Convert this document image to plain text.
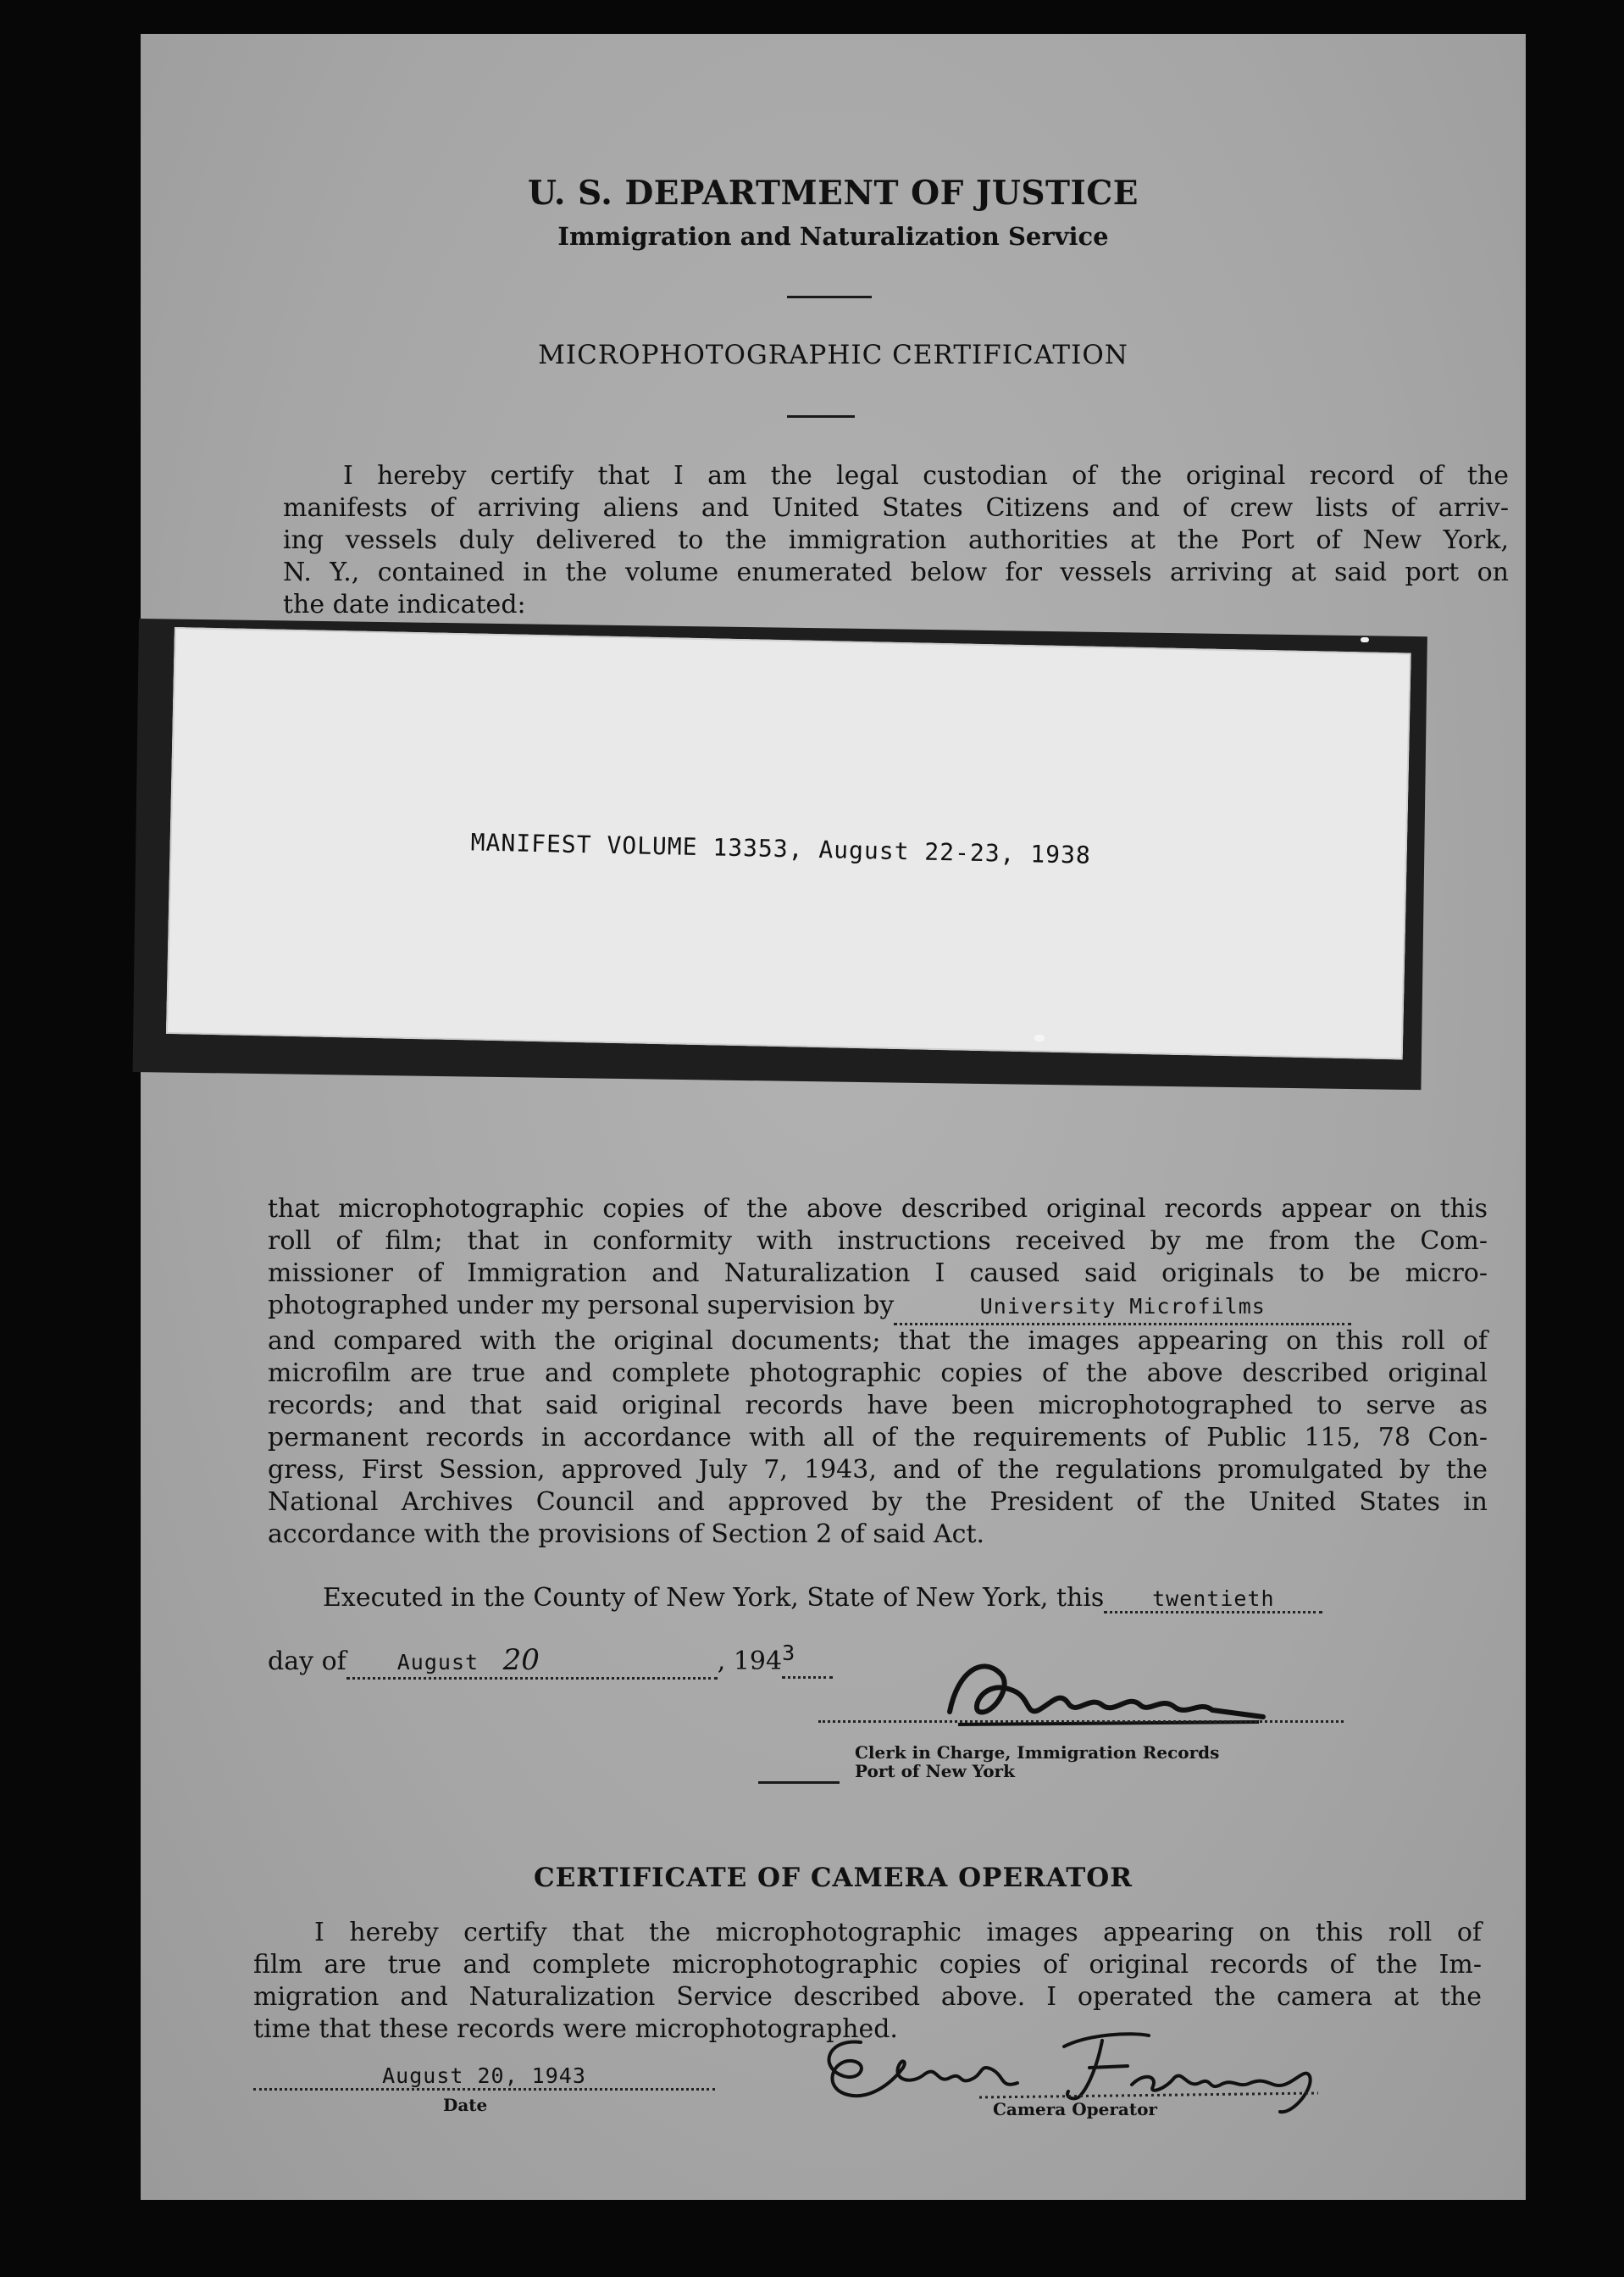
U. S. DEPARTMENT OF JUSTICE
Immigration and Naturalization Service
MICROPHOTOGRAPHIC CERTIFICATION
I hereby certify that I am the legal custodian of the original record of the
manifests of arriving aliens and United States Citizens and of crew lists of arriv-
ing vessels duly delivered to the immigration authorities at the Port of New York,
N. Y., contained in the volume enumerated below for vessels arriving at said port on
the date indicated:
MANIFEST VOLUME 13353, August 22-23, 1938
that microphotographic copies of the above described original records appear on this
roll of film; that in conformity with instructions received by me from the Com-
missioner of Immigration and Naturalization I caused said originals to be micro-
photographed under my personal supervision by	University Microfilms
and compared with the original documents; that the images appearing on this roll of
microfilm are true and complete photographic copies of the above described original
records; and that said original records have been microphotographed to serve as
permanent records in accordance with all of the requirements of Public 115, 78 Con-
gress, First Session, approved July 7, 1943, and of the regulations promulgated by the
National Archives Council and approved by the President of the United States in
accordance with the provisions of Section 2 of said Act.
Executed in the County of New York, State of New York, this twentieth
day of August 20	, $194^3$
Clerk in Charge, Immigration Records
Port of New York
CERTIFICATE OF CAMERA OPERATOR
I hereby certify that the microphotographic images appearing on this roll of
film are true and complete microphotographic copies of original records of the Im-
migration and Naturalization Service described above. I operated the camera at the
time that these records were microphotographed.
August 20, 1943
Date	Camera Operator
